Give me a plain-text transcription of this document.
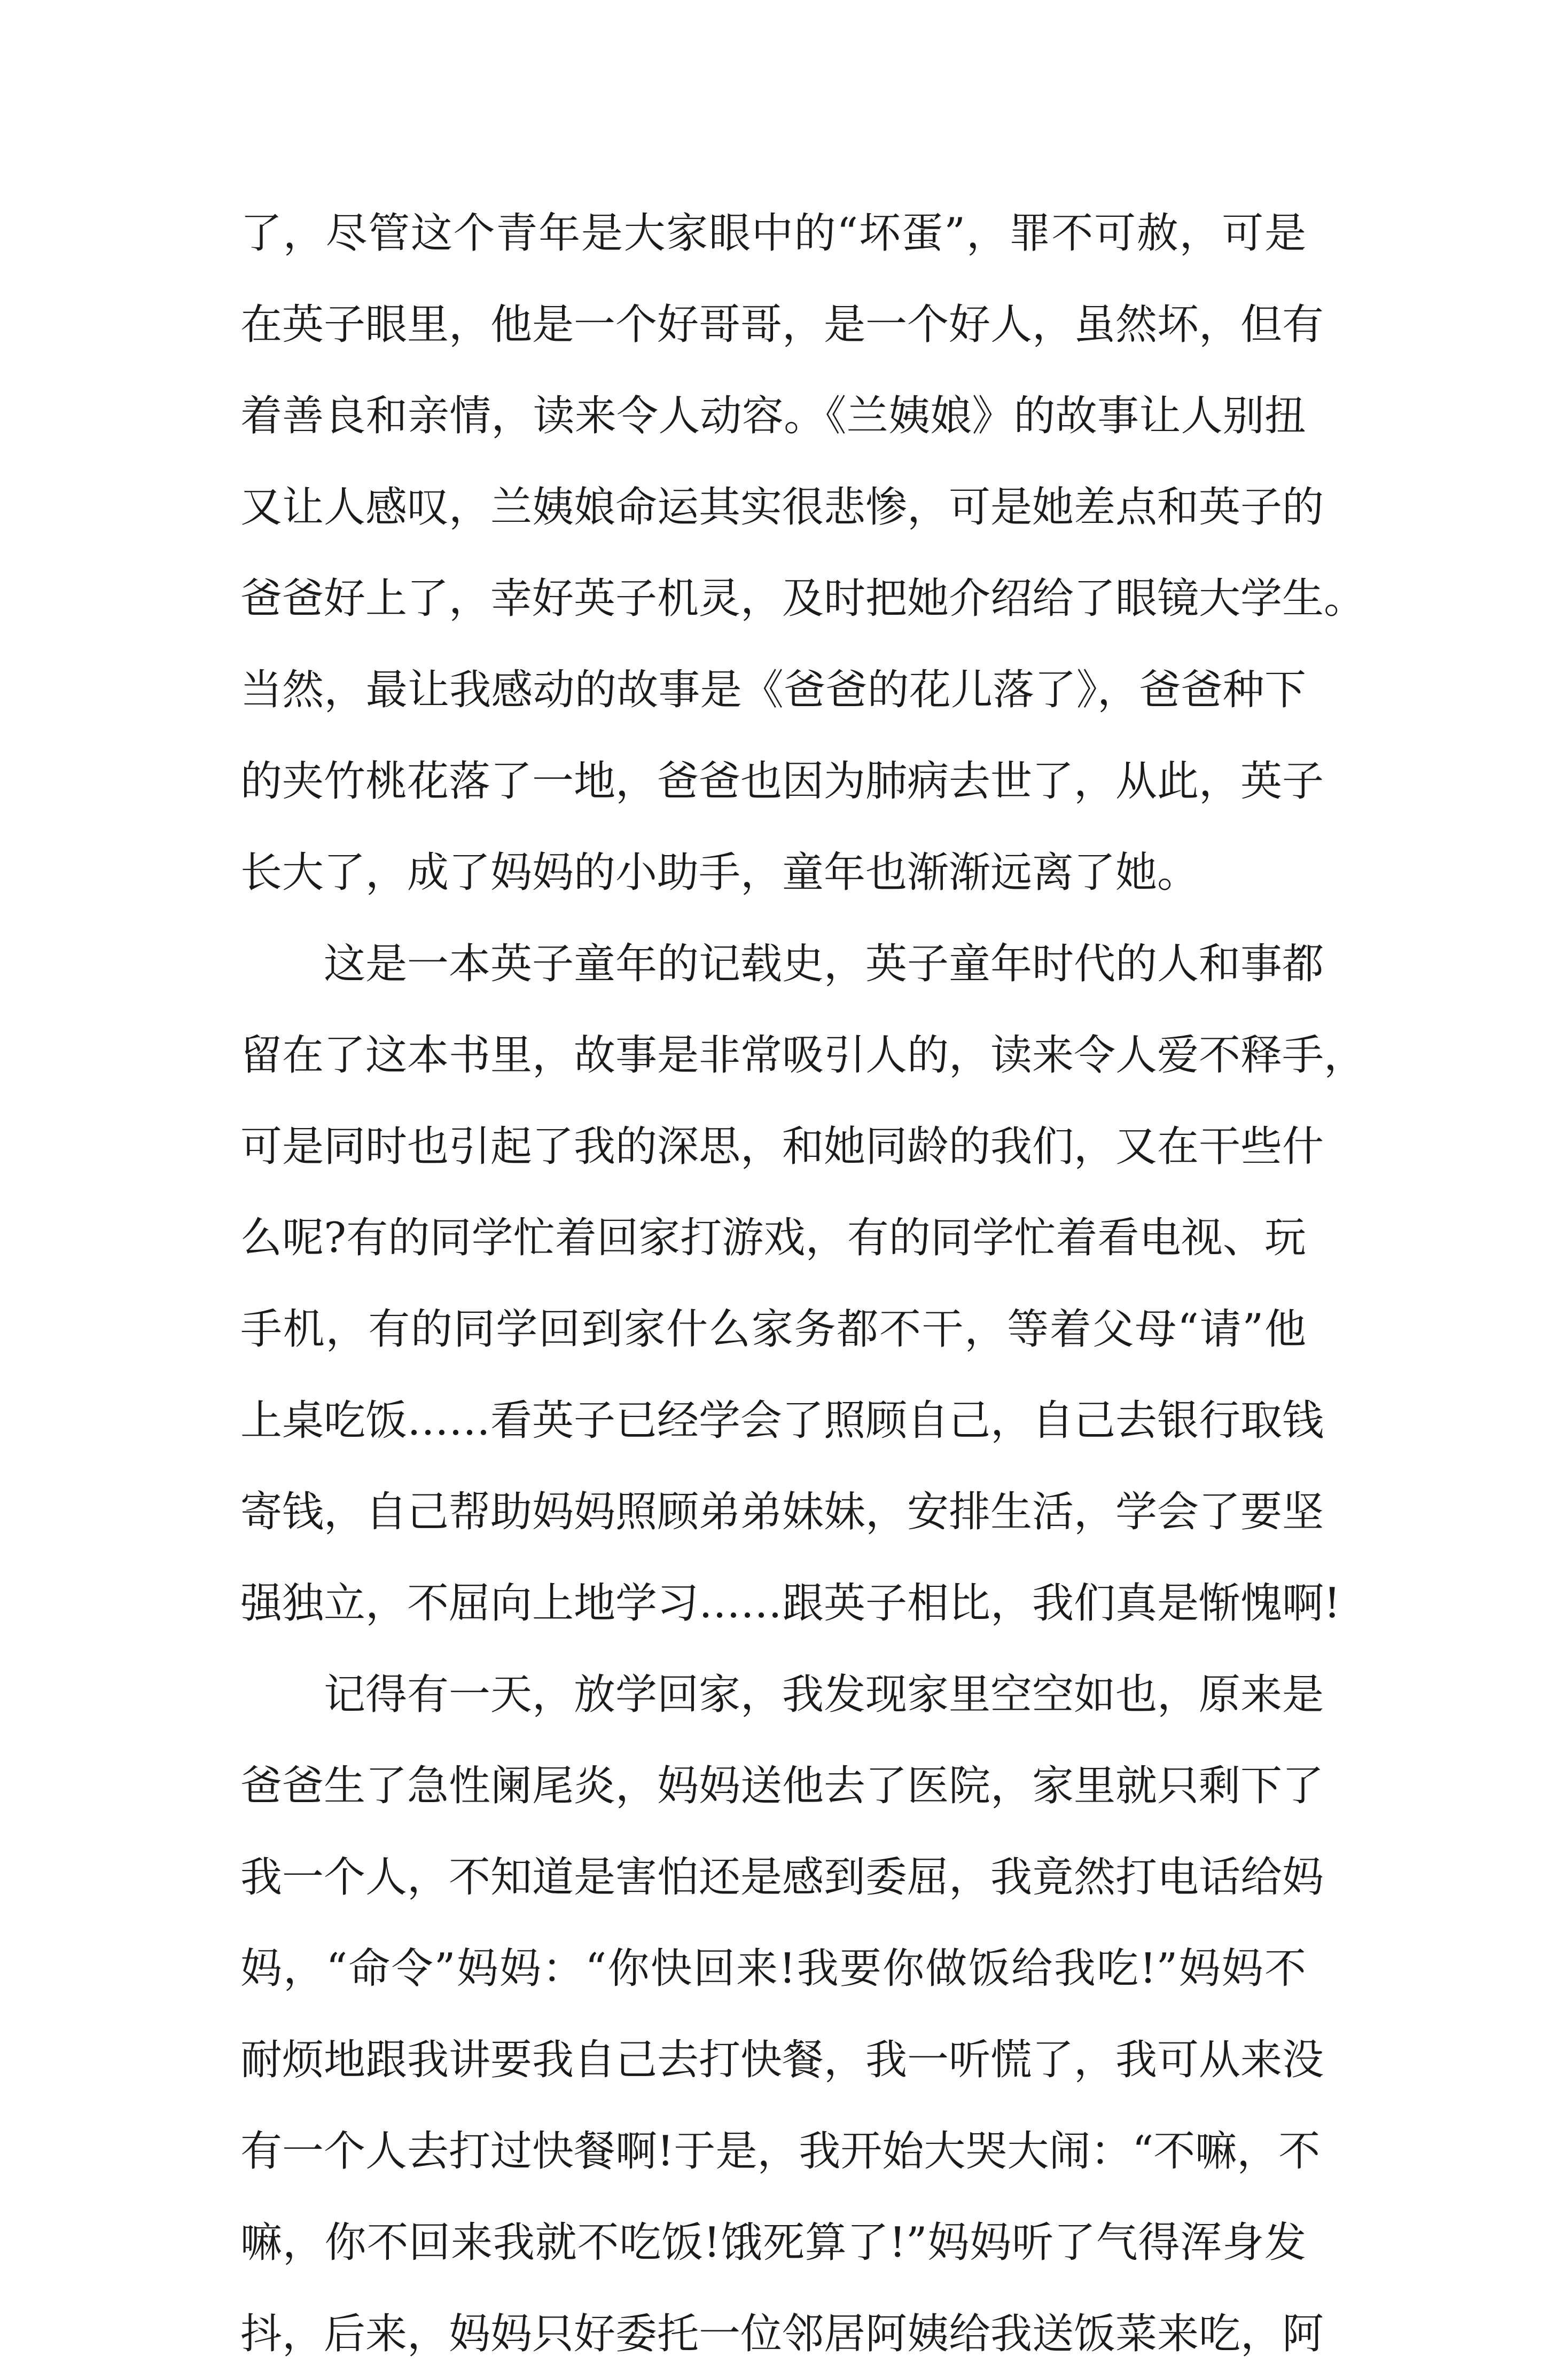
了，尽管这个青年是大家眼中的“坏蛋”，罪不可赦，可是
在英子眼里，他是一个好哥哥，是一个好人，虽然坏，但有
着善良和亲情，读来令人动容。《兰姨娘》的故事让人别扭
又让人感叹，兰姨娘命运其实很悲惨，可是她差点和英子的
爸爸好上了，幸好英子机灵，及时把她介绍给了眼镜大学生。
当然，最让我感动的故事是《爸爸的花儿落了》，爸爸种下
的夹竹桃花落了一地，爸爸也因为肺病去世了，从此，英子
长大了，成了妈妈的小助手，童年也渐渐远离了她。
　　这是一本英子童年的记载史，英子童年时代的人和事都
留在了这本书里，故事是非常吸引人的，读来令人爱不释手，
可是同时也引起了我的深思，和她同龄的我们，又在干些什
么呢?有的同学忙着回家打游戏，有的同学忙着看电视、玩
手机，有的同学回到家什么家务都不干，等着父母“请”他
上桌吃饭……看英子已经学会了照顾自己，自己去银行取钱
寄钱，自己帮助妈妈照顾弟弟妹妹，安排生活，学会了要坚
强独立，不屈向上地学习……跟英子相比，我们真是惭愧啊!
　　记得有一天，放学回家，我发现家里空空如也，原来是
爸爸生了急性阑尾炎，妈妈送他去了医院，家里就只剩下了
我一个人，不知道是害怕还是感到委屈，我竟然打电话给妈
妈，“命令”妈妈：“你快回来!我要你做饭给我吃!”妈妈不
耐烦地跟我讲要我自己去打快餐，我一听慌了，我可从来没
有一个人去打过快餐啊!于是，我开始大哭大闹：“不嘛，不
嘛，你不回来我就不吃饭!饿死算了!”妈妈听了气得浑身发
抖，后来，妈妈只好委托一位邻居阿姨给我送饭菜来吃，阿
